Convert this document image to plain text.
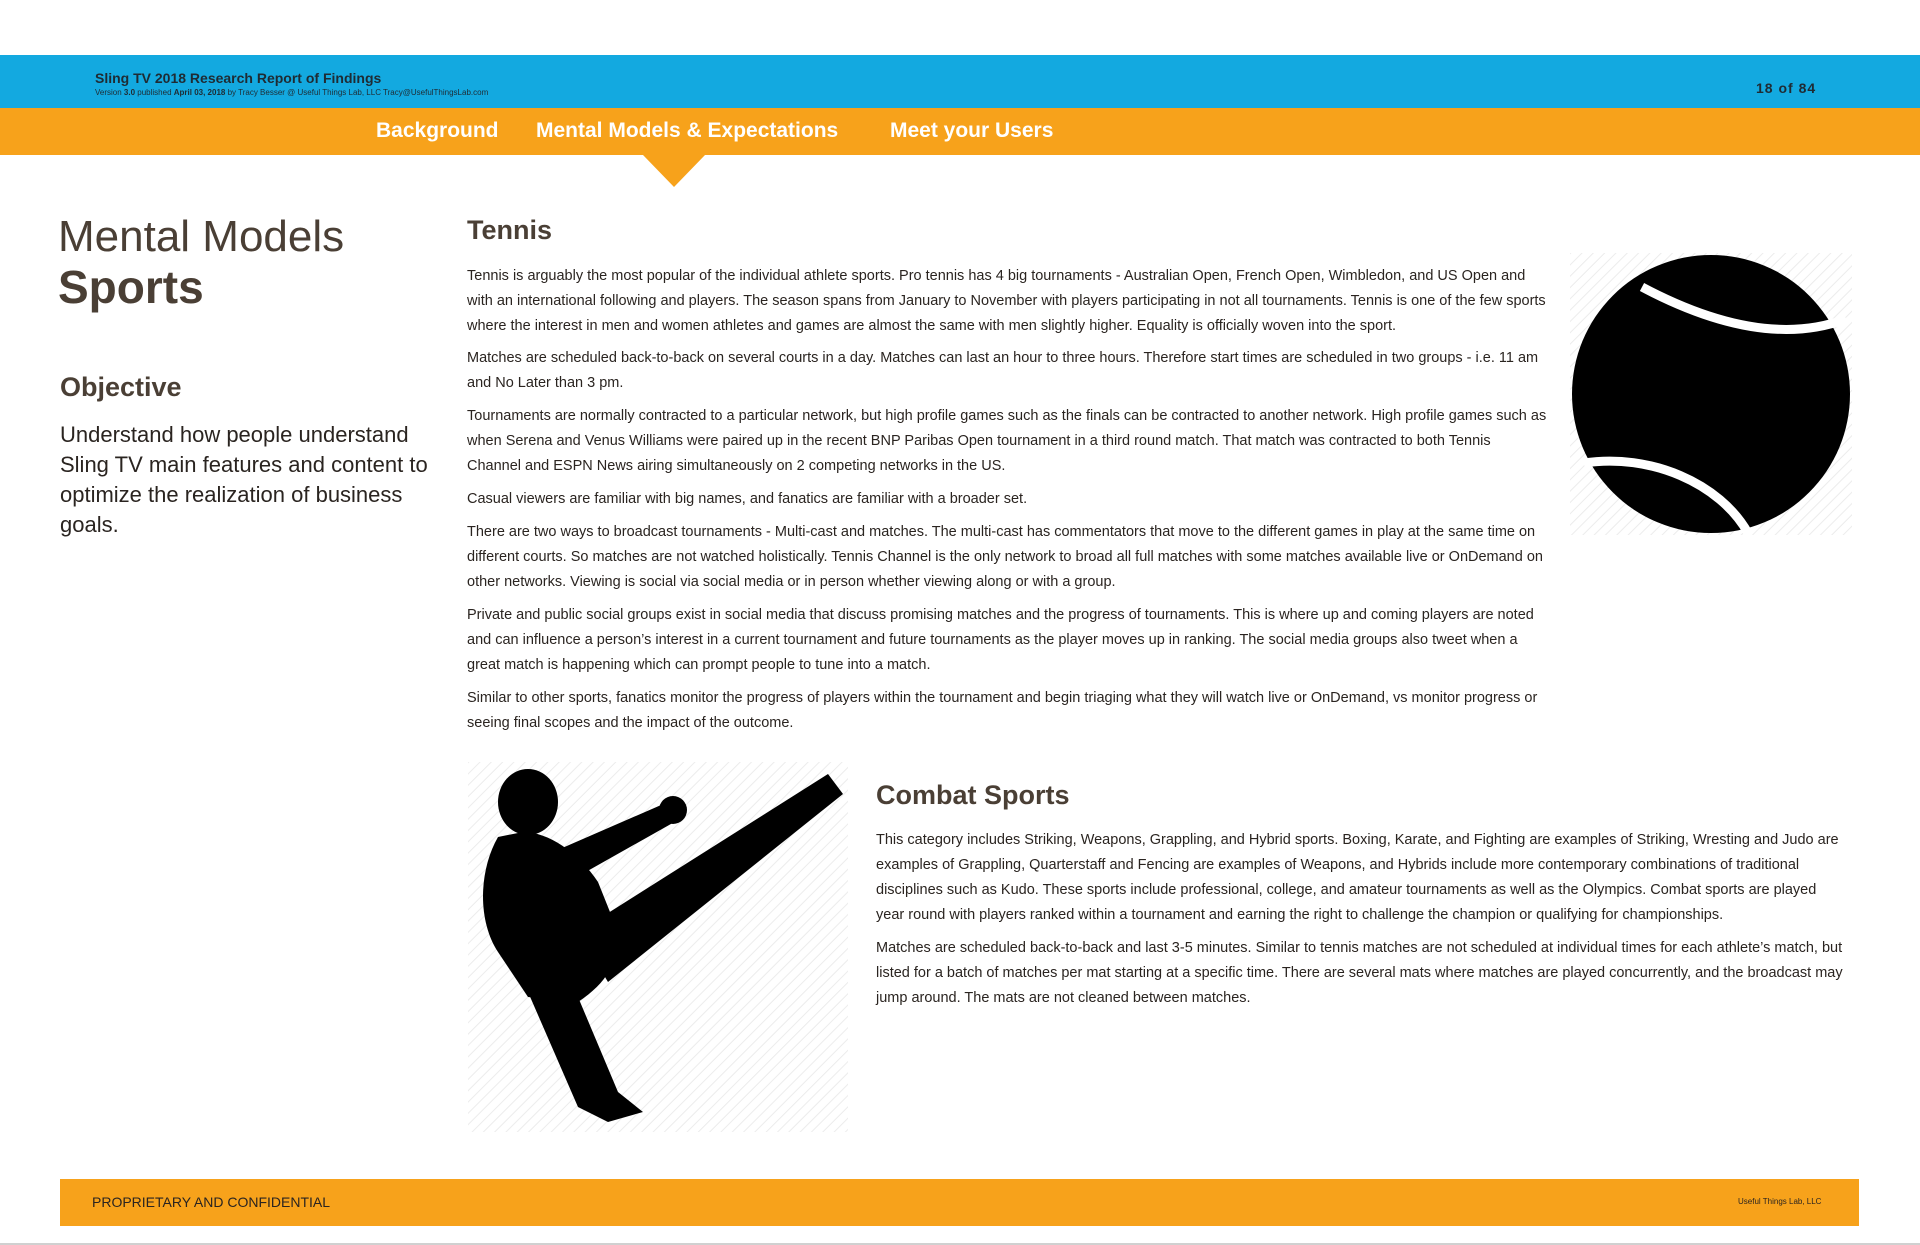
Sling TV 2018 Research Report of Findings
Version 3.0 published April 03, 2018 by Tracy Besser @ Useful Things Lab, LLC Tracy@UsefulThingsLab.com	18 of 84
Background Mental Models & Expectations Meet your Users
Mental Models
Sports
Objective
Understand how people understand Sling TV main features and content to optimize the realization of business goals.
Tennis
Tennis is arguably the most popular of the individual athlete sports. Pro tennis has 4 big tournaments - Australian Open, French Open, Wimbledon, and US Open and with an international following and players. The season spans from January to November with players participating in not all tournaments. Tennis is one of the few sports where the interest in men and women athletes and games are almost the same with men slightly higher. Equality is officially woven into the sport.
Matches are scheduled back-to-back on several courts in a day. Matches can last an hour to three hours. Therefore start times are scheduled in two groups - i.e. 11 am and No Later than 3 pm.
Tournaments are normally contracted to a particular network, but high profile games such as the finals can be contracted to another network. High profile games such as when Serena and Venus Williams were paired up in the recent BNP Paribas Open tournament in a third round match. That match was contracted to both Tennis Channel and ESPN News airing simultaneously on 2 competing networks in the US.
Casual viewers are familiar with big names, and fanatics are familiar with a broader set.
There are two ways to broadcast tournaments - Multi-cast and matches. The multi-cast has commentators that move to the different games in play at the same time on different courts. So matches are not watched holistically. Tennis Channel is the only network to broad all full matches with some matches available live or OnDemand on other networks. Viewing is social via social media or in person whether viewing along or with a group.
Private and public social groups exist in social media that discuss promising matches and the progress of tournaments. This is where up and coming players are noted and can influence a person’s interest in a current tournament and future tournaments as the player moves up in ranking. The social media groups also tweet when a great match is happening which can prompt people to tune into a match.
Similar to other sports, fanatics monitor the progress of players within the tournament and begin triaging what they will watch live or OnDemand, vs monitor progress or seeing final scopes and the impact of the outcome.
Combat Sports
This category includes Striking, Weapons, Grappling, and Hybrid sports. Boxing, Karate, and Fighting are examples of Striking, Wresting and Judo are examples of Grappling, Quarterstaff and Fencing are examples of Weapons, and Hybrids include more contemporary combinations of traditional disciplines such as Kudo. These sports include professional, college, and amateur tournaments as well as the Olympics. Combat sports are played year round with players ranked within a tournament and earning the right to challenge the champion or qualifying for championships.
Matches are scheduled back-to-back and last 3-5 minutes. Similar to tennis matches are not scheduled at individual times for each athlete’s match, but listed for a batch of matches per mat starting at a specific time. There are several mats where matches are played concurrently, and the broadcast may jump around. The mats are not cleaned between matches.
PROPRIETARY AND CONFIDENTIAL	Useful Things Lab, LLC
